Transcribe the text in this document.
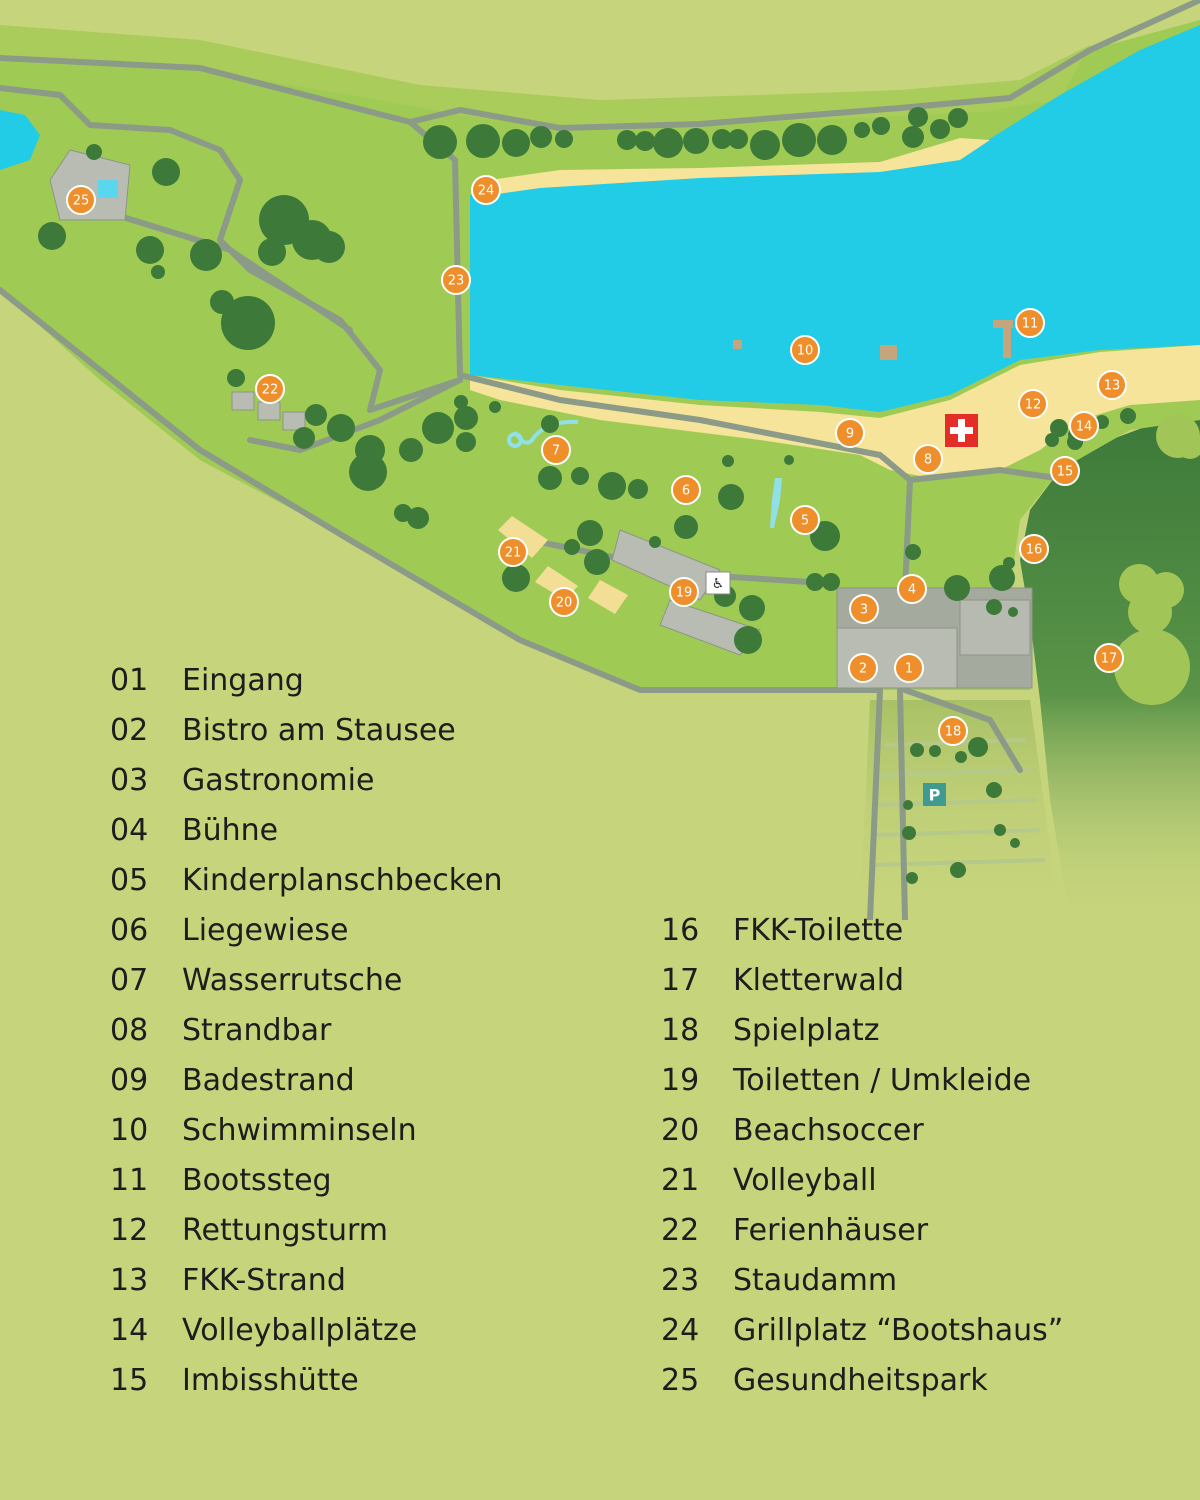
♿
P
1
2
3
4
5
6
7
8
9
10
11
12
13
14
15
16
17
18
19
20
21
22
23
24
25
01 Eingang
02 Bistro am Stausee
03 Gastronomie
04 Bühne
05 Kinderplanschbecken
06 Liegewiese
07 Wasserrutsche
08 Strandbar
09 Badestrand
10 Schwimminseln
11 Bootssteg
12 Rettungsturm
13 FKK-Strand
14 Volleyballplätze
15 Imbisshütte
16 FKK-Toilette
17 Kletterwald
18 Spielplatz
19 Toiletten / Umkleide
20 Beachsoccer
21 Volleyball
22 Ferienhäuser
23 Staudamm
24 Grillplatz “Bootshaus”
25 Gesundheitspark
